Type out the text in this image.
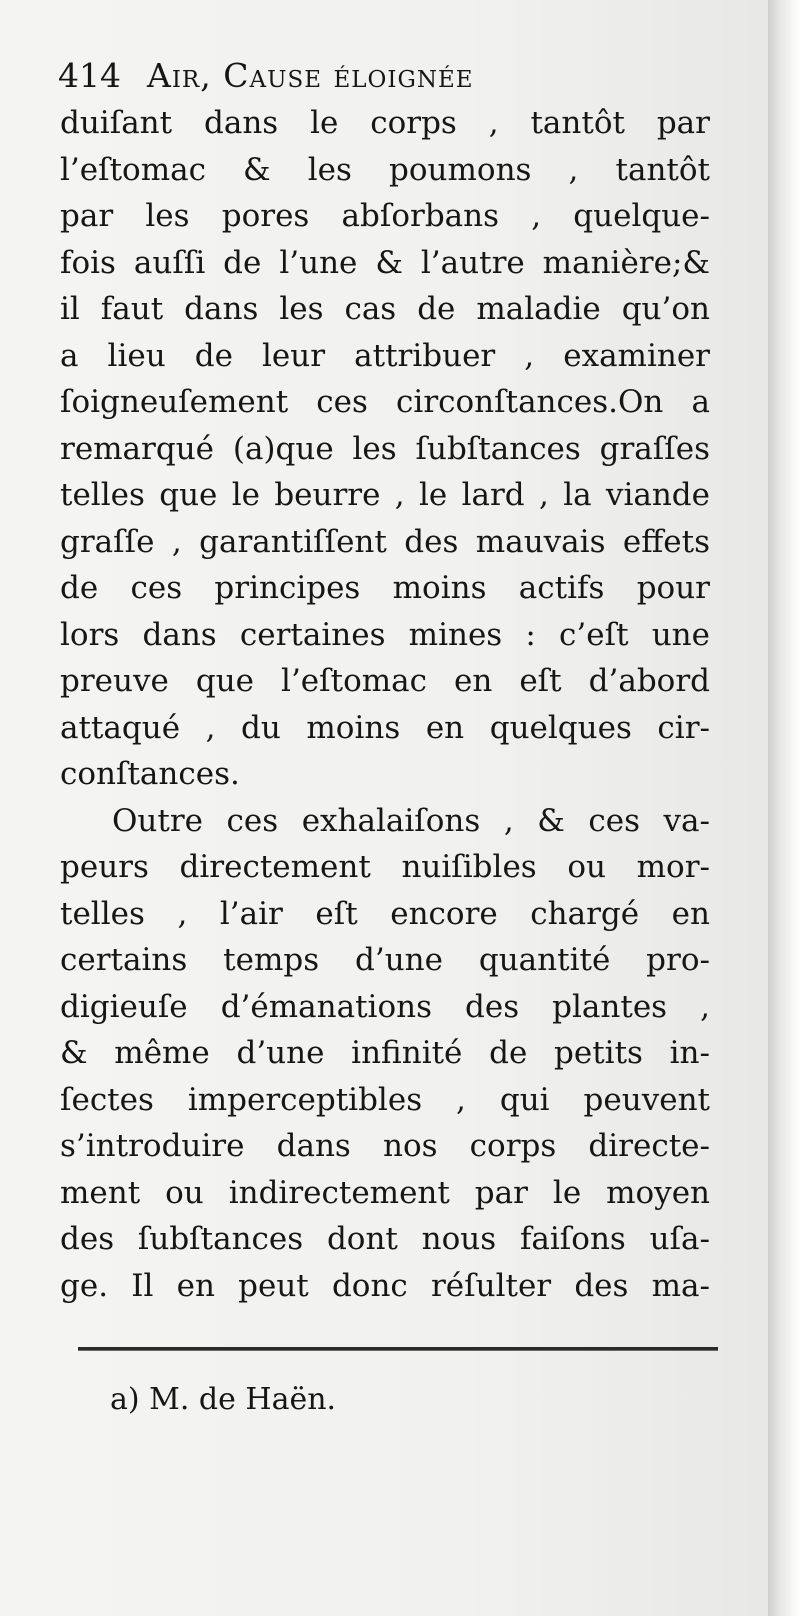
414 Air, Cause éloignée
duiſant dans le corps , tantôt par
l’eſtomac & les poumons , tantôt
par les pores abſorbans , quelque-
fois auſſi de l’une & l’autre manière;&
il faut dans les cas de maladie qu’on
a lieu de leur attribuer , examiner
ſoigneuſement ces circonſtances.On a
remarqué (a)que les ſubſtances graſſes
telles que le beurre , le lard , la viande
graſſe , garantiſſent des mauvais effets
de ces principes moins actifs pour
lors dans certaines mines : c’eſt une
preuve que l’eſtomac en eſt d’abord
attaqué , du moins en quelques cir-
conſtances.
Outre ces exhalaiſons , & ces va-
peurs directement nuiſibles ou mor-
telles , l’air eſt encore chargé en
certains temps d’une quantité pro-
digieuſe d’émanations des plantes ,
& même d’une infinité de petits in-
ſectes imperceptibles , qui peuvent
s’introduire dans nos corps directe-
ment ou indirectement par le moyen
des ſubſtances dont nous faiſons uſa-
ge. Il en peut donc réſulter des ma-
a) M. de Haën.
